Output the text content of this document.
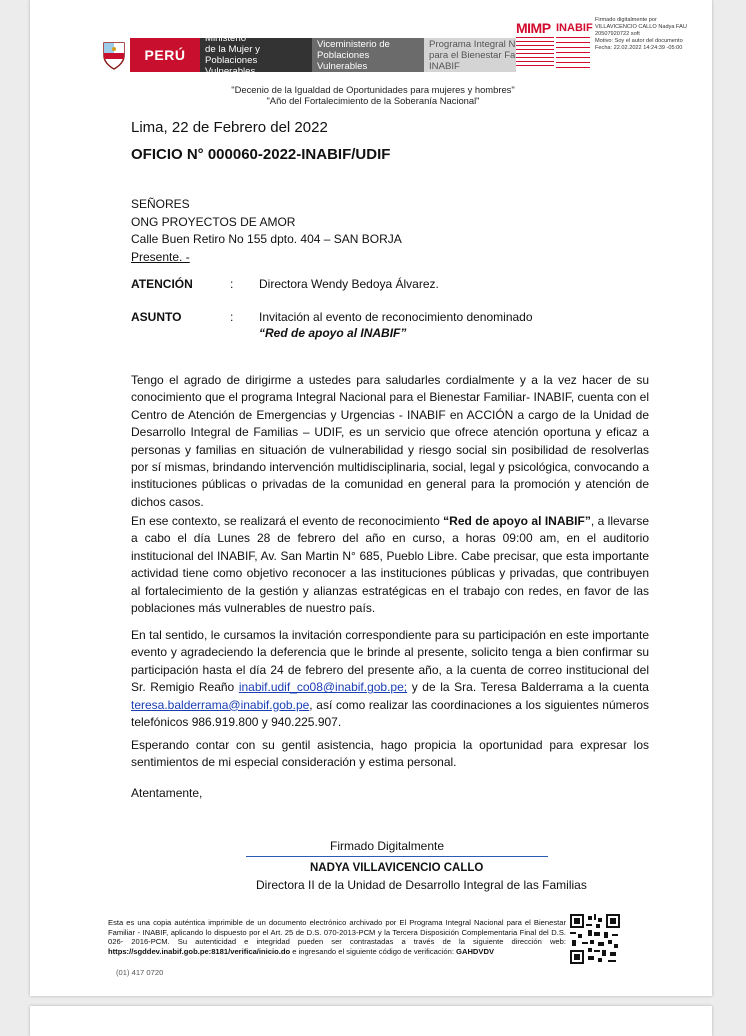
PERÚ
Ministerio
de la Mujer y
Poblaciones Vulnerables
Viceministerio de
Poblaciones Vulnerables
Programa Integral N
para el Bienestar Fa
INABIF
MIMP INABIF
Firmado digitalmente por
VILLAVICENCIO CALLO Nadya FAU
20507920722 soft
Motivo: Soy el autor del documento
Fecha: 22.02.2022 14:24:39 -05:00
"Decenio de la Igualdad de Oportunidades para mujeres y hombres"
"Año del Fortalecimiento de la Soberanía Nacional"
Lima, 22 de Febrero del 2022
OFICIO N° 000060-2022-INABIF/UDIF
SEÑORES
ONG PROYECTOS DE AMOR
Calle Buen Retiro No 155 dpto. 404 – SAN BORJA
Presente. -
ATENCIÓN	: Directora Wendy Bedoya Álvarez.
ASUNTO	: Invitación al evento de reconocimiento denominado
“Red de apoyo al INABIF”
Tengo el agrado de dirigirme a ustedes para saludarles cordialmente y a la vez hacer de su conocimiento que el programa Integral Nacional para el Bienestar Familiar- INABIF, cuenta con el Centro de Atención de Emergencias y Urgencias - INABIF en ACCIÓN a cargo de la Unidad de Desarrollo Integral de Familias – UDIF, es un servicio que ofrece atención oportuna y eficaz a personas y familias en situación de vulnerabilidad y riesgo social sin posibilidad de resolverlas por sí mismas, brindando intervención multidisciplinaria, social, legal y psicológica, convocando a instituciones públicas o privadas de la comunidad en general para la promoción y atención de dichos casos.
En ese contexto, se realizará el evento de reconocimiento “Red de apoyo al INABIF”, a llevarse a cabo el día Lunes 28 de febrero del año en curso, a horas 09:00 am, en el auditorio institucional del INABIF, Av. San Martin N° 685, Pueblo Libre. Cabe precisar, que esta importante actividad tiene como objetivo reconocer a las instituciones públicas y privadas, que contribuyen al fortalecimiento de la gestión y alianzas estratégicas en el trabajo con redes, en favor de las poblaciones más vulnerables de nuestro país.
En tal sentido, le cursamos la invitación correspondiente para su participación en este importante evento y agradeciendo la deferencia que le brinde al presente, solicito tenga a bien confirmar su participación hasta el día 24 de febrero del presente año, a la cuenta de correo institucional del Sr. Remigio Reaño inabif.udif_co08@inabif.gob.pe; y de la Sra. Teresa Balderrama a la cuenta teresa.balderrama@inabif.gob.pe, así como realizar las coordinaciones a los siguientes números telefónicos 986.919.800 y 940.225.907.
Esperando contar con su gentil asistencia, hago propicia la oportunidad para expresar los sentimientos de mi especial consideración y estima personal.
Atentamente,
Firmado Digitalmente
NADYA VILLAVICENCIO CALLO
Directora II de la Unidad de Desarrollo Integral de las Familias
Esta es una copia auténtica imprimible de un documento electrónico archivado por El Programa Integral Nacional para el Bienestar Familiar - INABIF, aplicando lo dispuesto por el Art. 25 de D.S. 070-2013-PCM y la Tercera Disposición Complementaria Final del D.S. 026- 2016-PCM. Su autenticidad e integridad pueden ser contrastadas a través de la siguiente dirección web: https://sgddev.inabif.gob.pe:8181/verifica/inicio.do e ingresando el siguiente código de verificación: GAHDVDV
(01) 417 0720
